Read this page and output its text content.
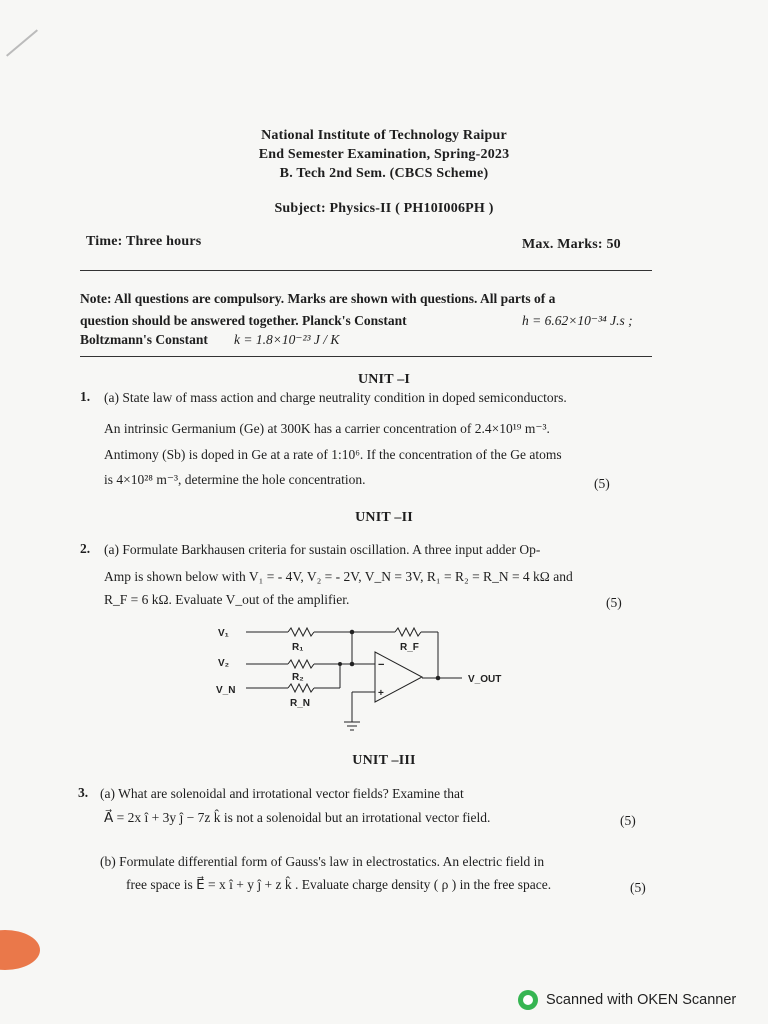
National Institute of Technology Raipur
End Semester Examination, Spring-2023
B. Tech 2nd Sem. (CBCS Scheme)
Subject: Physics-II ( PH10I006PH )
Time: Three hours	Max. Marks: 50
Note: All questions are compulsory. Marks are shown with questions. All parts of a
question should be answered together. Planck's Constant	h = 6.62×10⁻³⁴ J.s ;
Boltzmann's Constant k = 1.8×10⁻²³ J / K
UNIT –I
1. (a) State law of mass action and charge neutrality condition in doped semiconductors.
An intrinsic Germanium (Ge) at 300K has a carrier concentration of 2.4×10¹⁹ m⁻³.
Antimony (Sb) is doped in Ge at a rate of 1:10⁶. If the concentration of the Ge atoms
is 4×10²⁸ m⁻³, determine the hole concentration.	(5)
UNIT –II
2. (a) Formulate Barkhausen criteria for sustain oscillation. A three input adder Op-
Amp is shown below with V₁ = - 4V, V₂ = - 2V, V_N = 3V, R₁ = R₂ = R_N = 4 kΩ and
R_F = 6 kΩ. Evaluate V_out of the amplifier.	(5)
V₁
V₂
V_N
R₁
R₂
R_N
R_F
V_OUT
−
+
UNIT –III
3. (a) What are solenoidal and irrotational vector fields? Examine that
A⃗ = 2x î + 3y ĵ − 7z k̂ is not a solenoidal but an irrotational vector field.	(5)
(b) Formulate differential form of Gauss's law in electrostatics. An electric field in
free space is E⃗ = x î + y ĵ + z k̂ . Evaluate charge density ( ρ ) in the free space.	(5)
Scanned with OKEN Scanner
